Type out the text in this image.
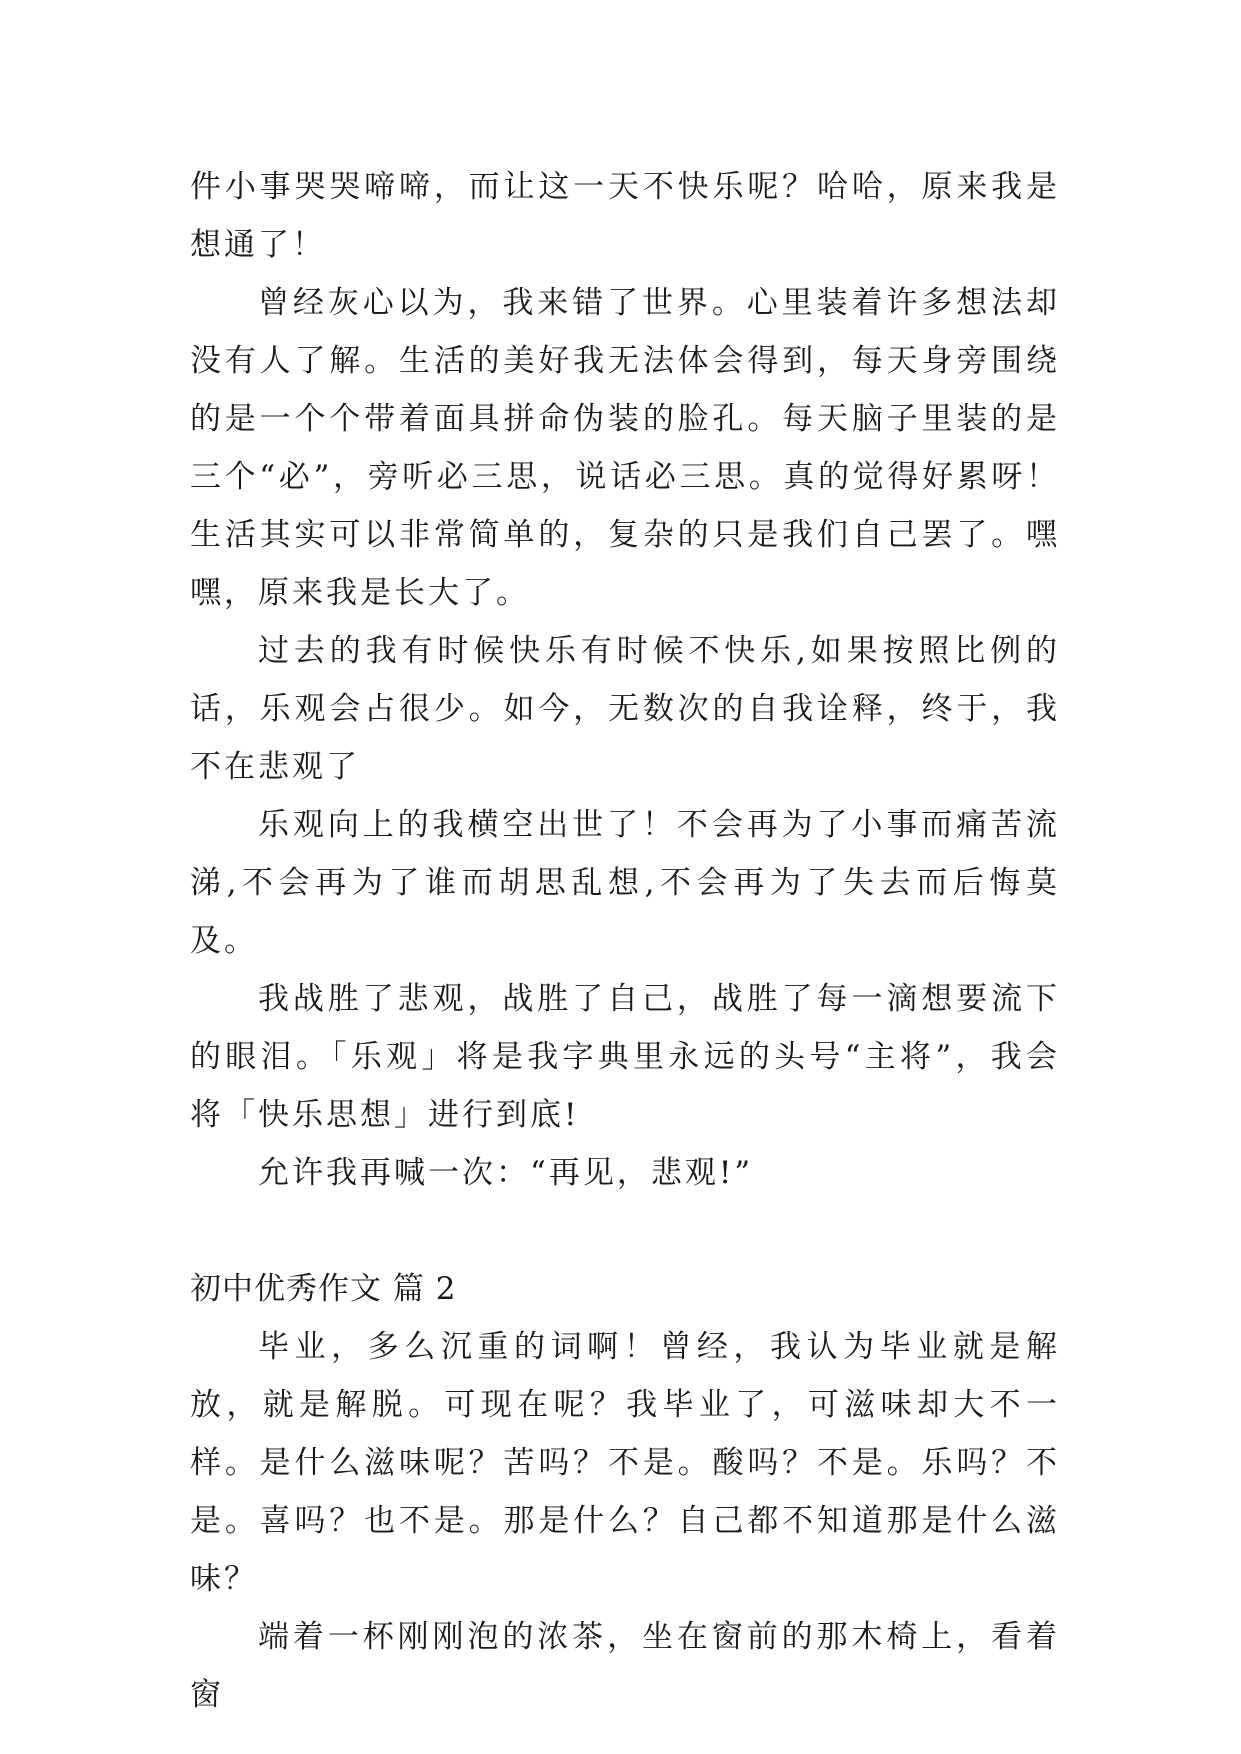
件小事哭哭啼啼，而让这一天不快乐呢？哈哈，原来我是想通了！

曾经灰心以为，我来错了世界。心里装着许多想法却没有人了解。生活的美好我无法体会得到，每天身旁围绕的是一个个带着面具拼命伪装的脸孔。每天脑子里装的是三个“必”，旁听必三思，说话必三思。真的觉得好累呀！生活其实可以非常简单的，复杂的只是我们自己罢了。嘿嘿，原来我是长大了。

过去的我有时候快乐有时候不快乐,如果按照比例的话，乐观会占很少。如今，无数次的自我诠释，终于，我不在悲观了

乐观向上的我横空出世了！不会再为了小事而痛苦流涕,不会再为了谁而胡思乱想,不会再为了失去而后悔莫及。

我战胜了悲观，战胜了自己，战胜了每一滴想要流下的眼泪。「乐观」将是我字典里永远的头号“主将”，我会将「快乐思想」进行到底!

允许我再喊一次：“再见，悲观!”

初中优秀作文 篇 2

毕业，多么沉重的词啊！曾经，我认为毕业就是解放，就是解脱。可现在呢？我毕业了，可滋味却大不一样。是什么滋味呢？苦吗？不是。酸吗？不是。乐吗？不是。喜吗？也不是。那是什么？自己都不知道那是什么滋味？

端着一杯刚刚泡的浓茶，坐在窗前的那木椅上，看着窗
